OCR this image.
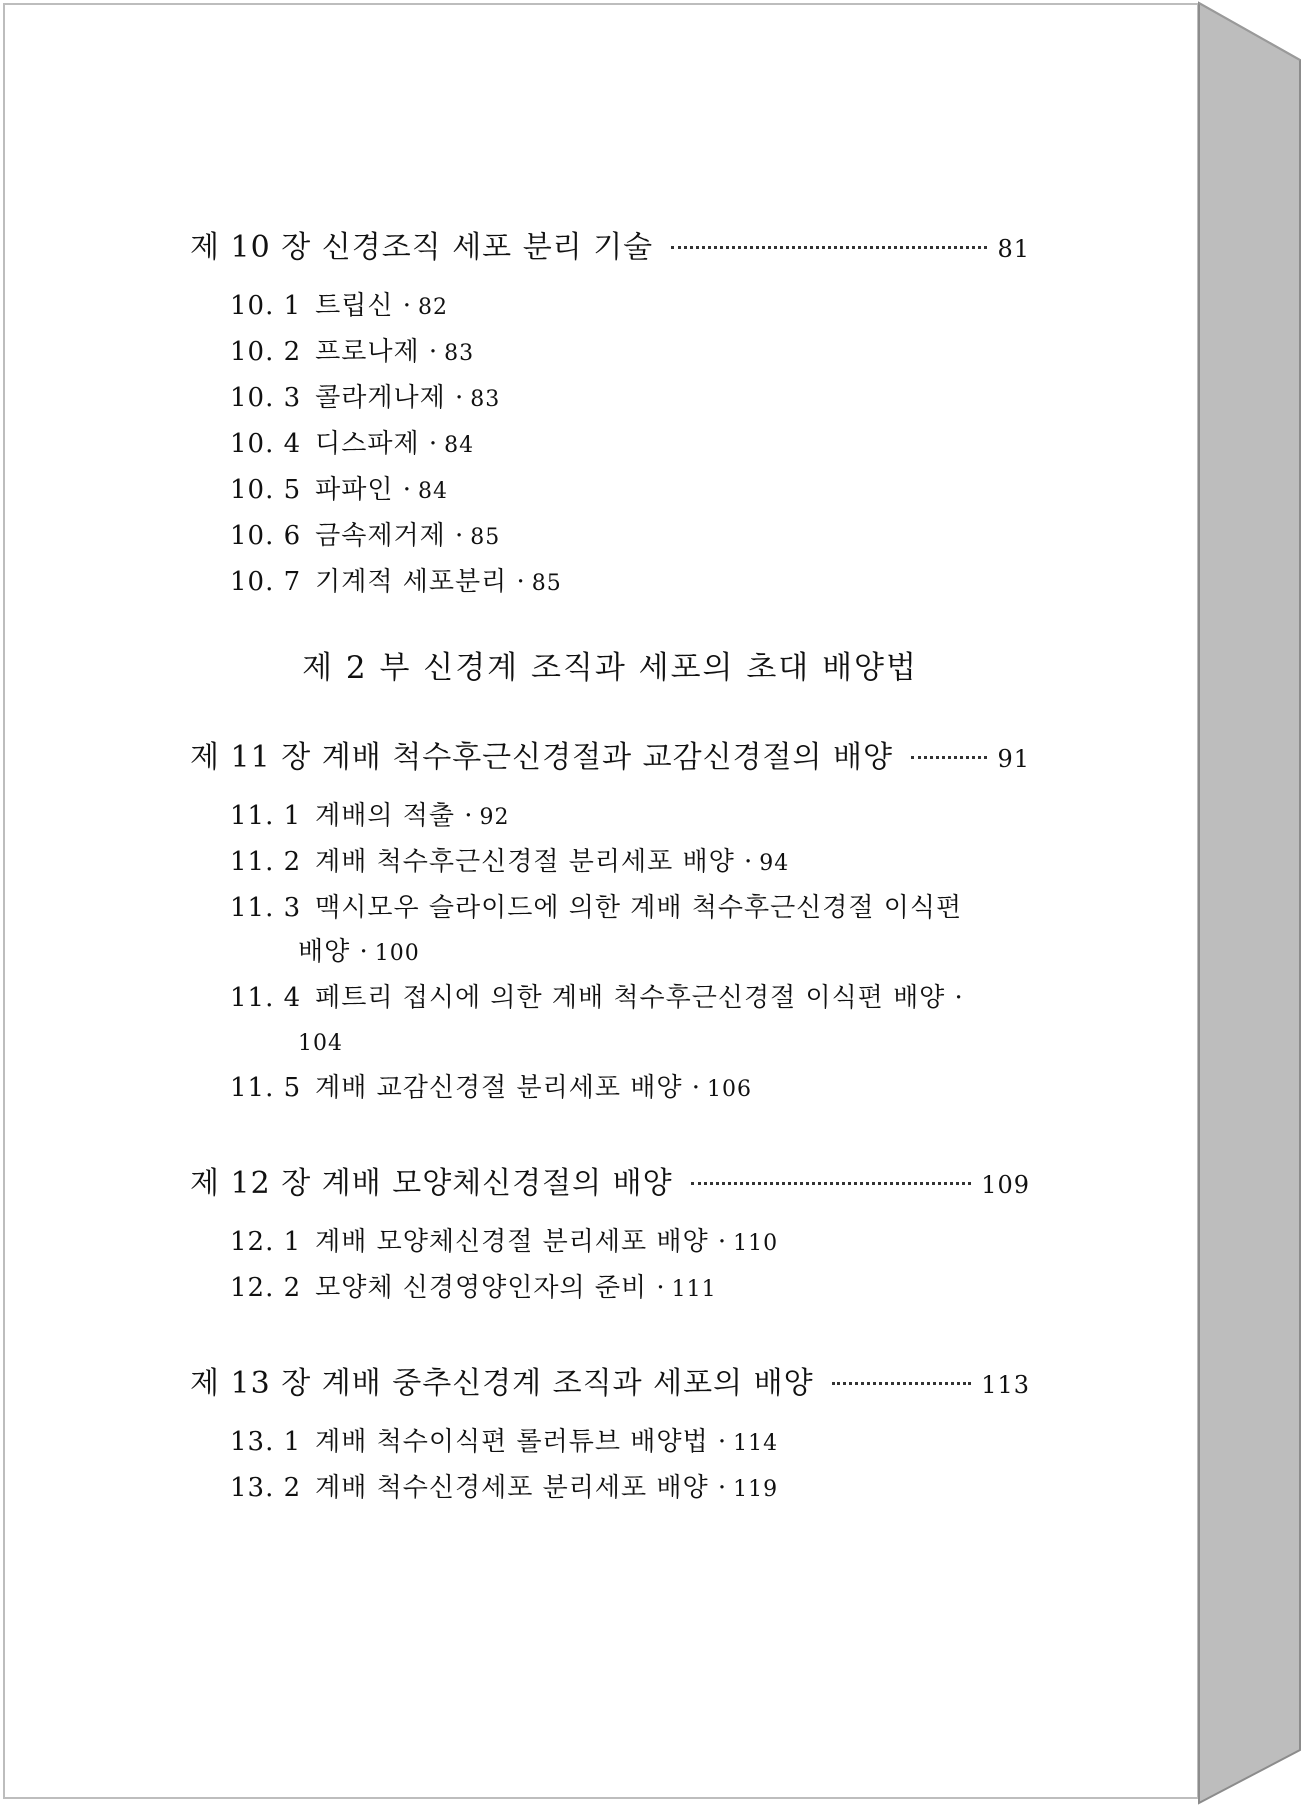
제 10 장 신경조직 세포 분리 기술	81
10. 1 트립신 · 82
10. 2 프로나제 · 83
10. 3 콜라게나제 · 83
10. 4 디스파제 · 84
10. 5 파파인 · 84
10. 6 금속제거제 · 85
10. 7 기계적 세포분리 · 85
제 2 부 신경계 조직과 세포의 초대 배양법
제 11 장 계배 척수후근신경절과 교감신경절의 배양	91
11. 1 계배의 적출 · 92
11. 2 계배 척수후근신경절 분리세포 배양 · 94
11. 3 맥시모우 슬라이드에 의한 계배 척수후근신경절 이식편
배양 · 100
11. 4 페트리 접시에 의한 계배 척수후근신경절 이식편 배양 ·
104
11. 5 계배 교감신경절 분리세포 배양 · 106
제 12 장 계배 모양체신경절의 배양	109
12. 1 계배 모양체신경절 분리세포 배양 · 110
12. 2 모양체 신경영양인자의 준비 · 111
제 13 장 계배 중추신경계 조직과 세포의 배양	113
13. 1 계배 척수이식편 롤러튜브 배양법 · 114
13. 2 계배 척수신경세포 분리세포 배양 · 119
